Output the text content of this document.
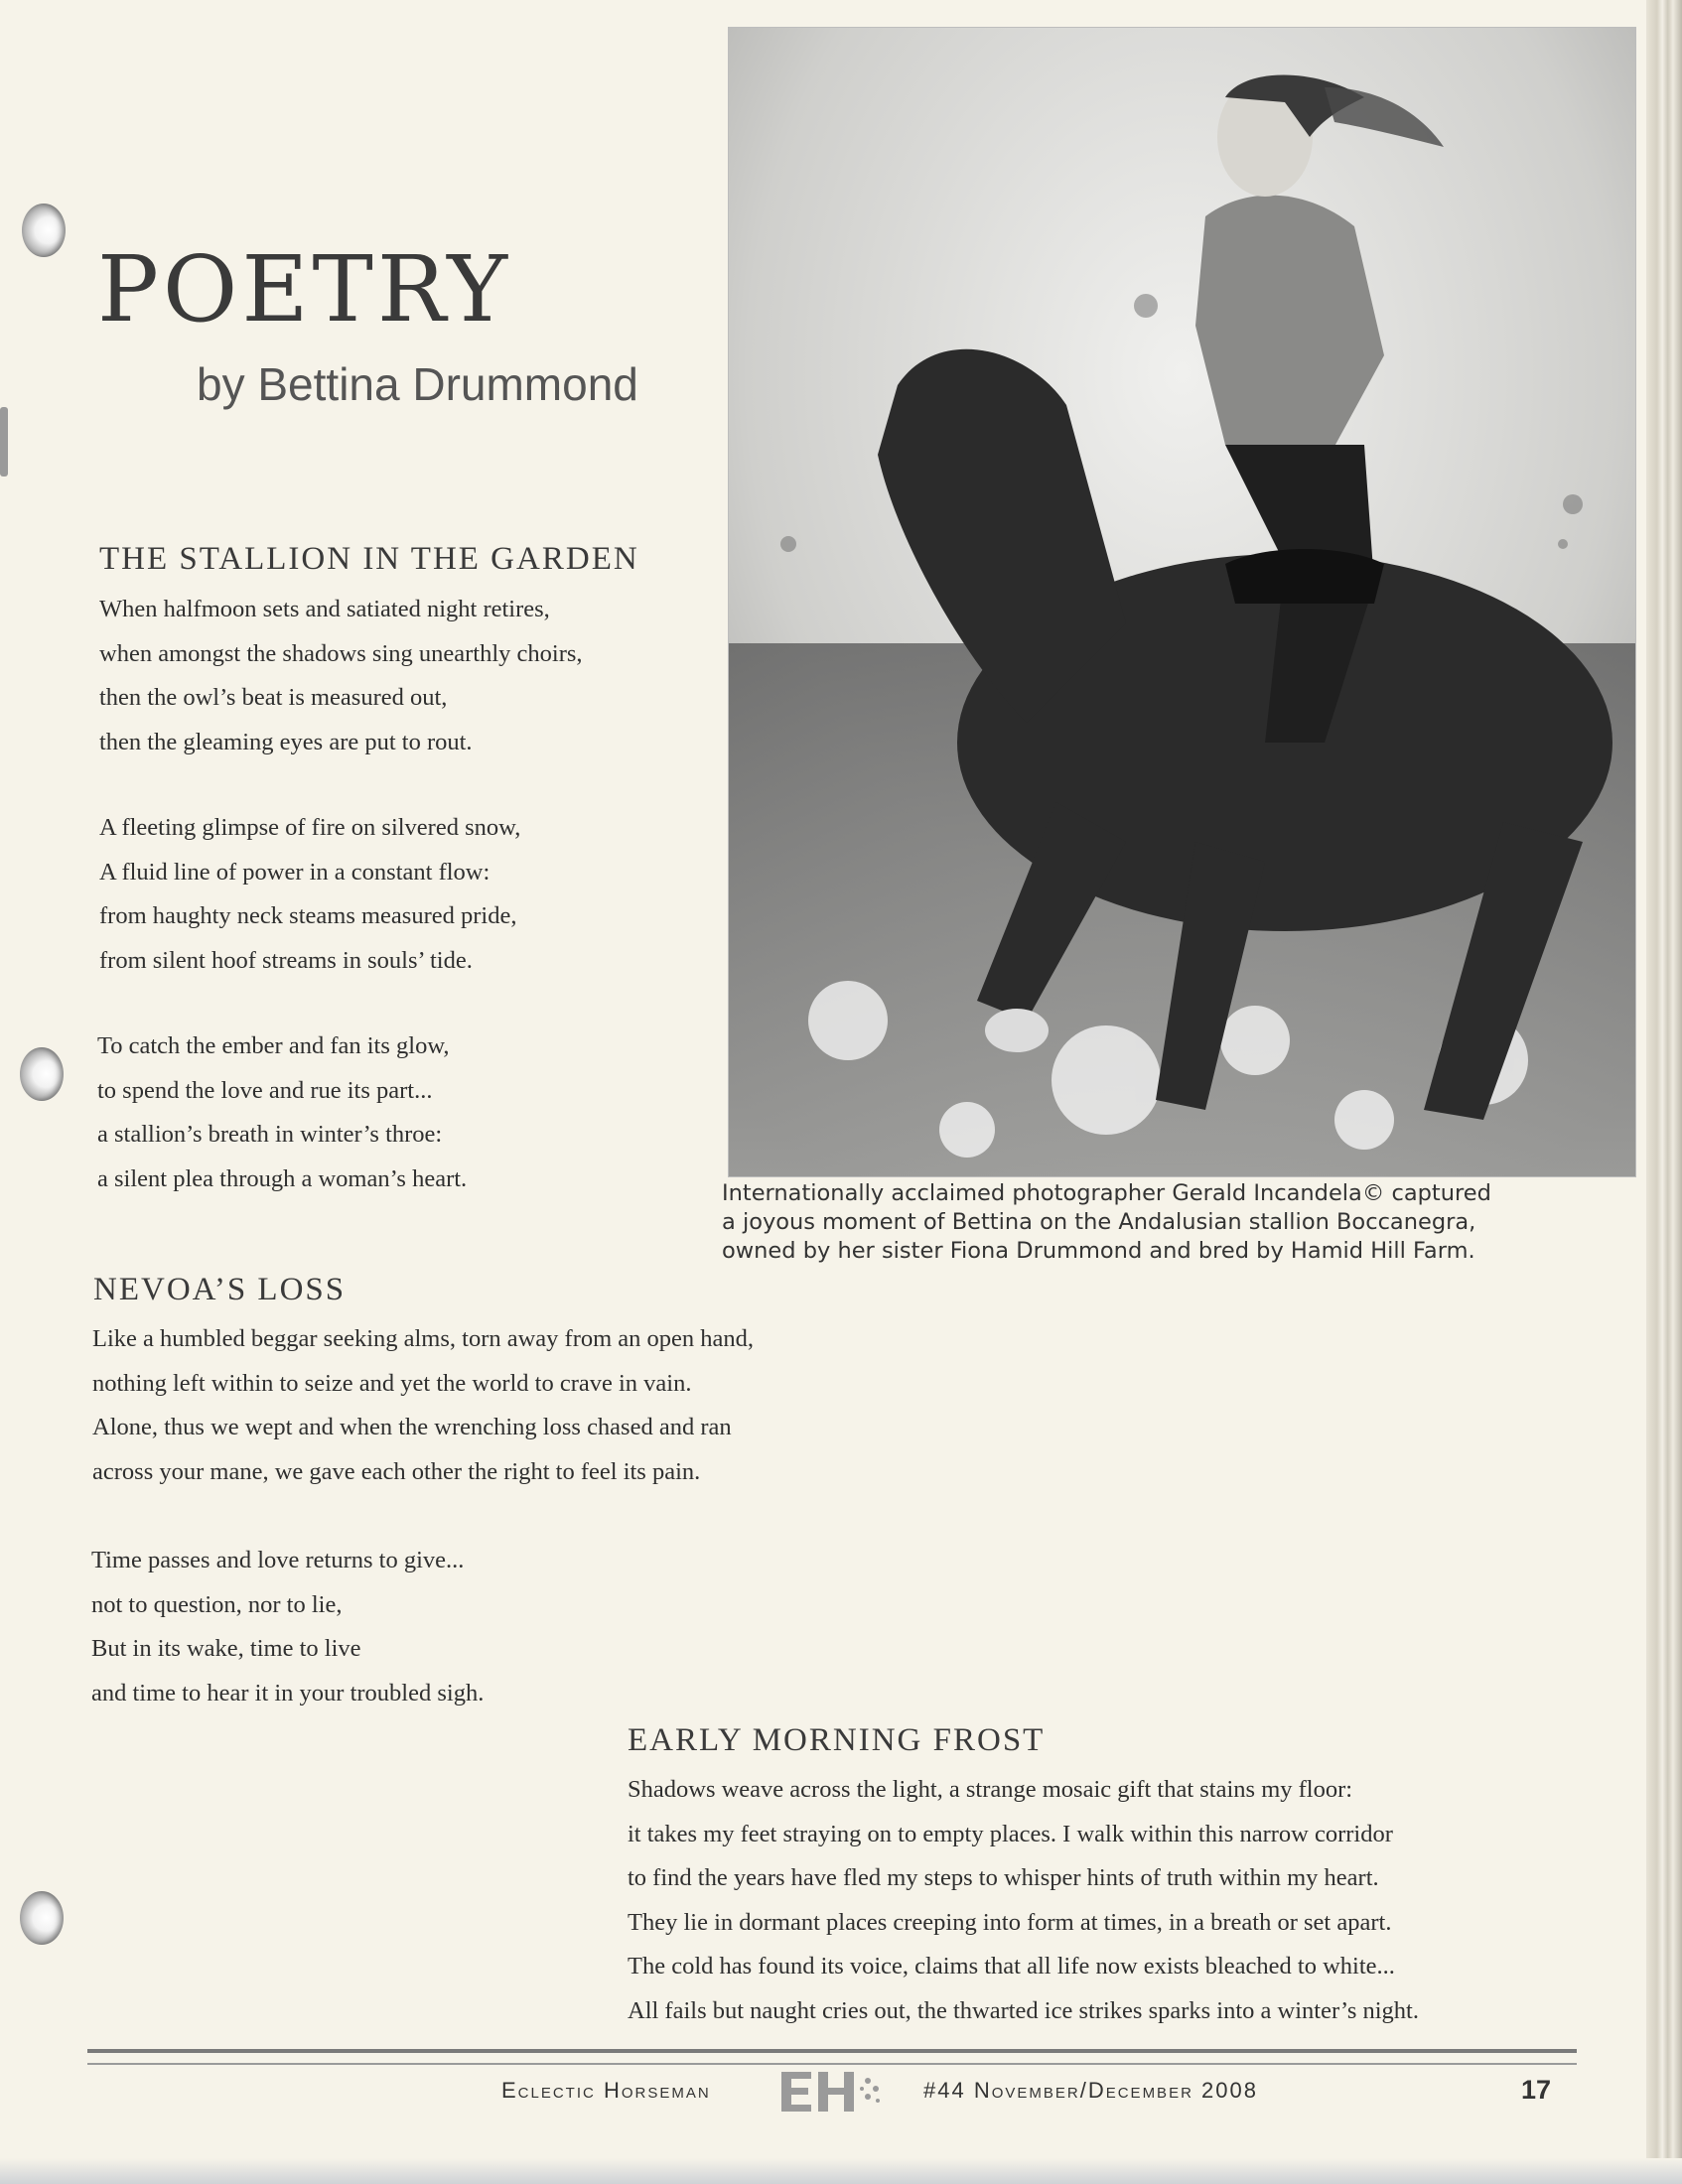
POETRY
by Bettina Drummond
THE STALLION IN THE GARDEN
When halfmoon sets and satiated night retires,
when amongst the shadows sing unearthly choirs,
then the owl’s beat is measured out,
then the gleaming eyes are put to rout.
A fleeting glimpse of fire on silvered snow,
A fluid line of power in a constant flow:
from haughty neck steams measured pride,
from silent hoof streams in souls’ tide.
To catch the ember and fan its glow,
to spend the love and rue its part...
a stallion’s breath in winter’s throe:
a silent plea through a woman’s heart.
Internationally acclaimed photographer Gerald Incandela© captured
a joyous moment of Bettina on the Andalusian stallion Boccanegra,
owned by her sister Fiona Drummond and bred by Hamid Hill Farm.
NEVOA’S LOSS
Like a humbled beggar seeking alms, torn away from an open hand,
nothing left within to seize and yet the world to crave in vain.
Alone, thus we wept and when the wrenching loss chased and ran
across your mane, we gave each other the right to feel its pain.
Time passes and love returns to give...
not to question, nor to lie,
But in its wake, time to live
and time to hear it in your troubled sigh.
EARLY MORNING FROST
Shadows weave across the light, a strange mosaic gift that stains my floor:
it takes my feet straying on to empty places. I walk within this narrow corridor
to find the years have fled my steps to whisper hints of truth within my heart.
They lie in dormant places creeping into form at times, in a breath or set apart.
The cold has found its voice, claims that all life now exists bleached to white...
All fails but naught cries out, the thwarted ice strikes sparks into a winter’s night.

Eclectic Horseman	#44 November/December 2008	17
